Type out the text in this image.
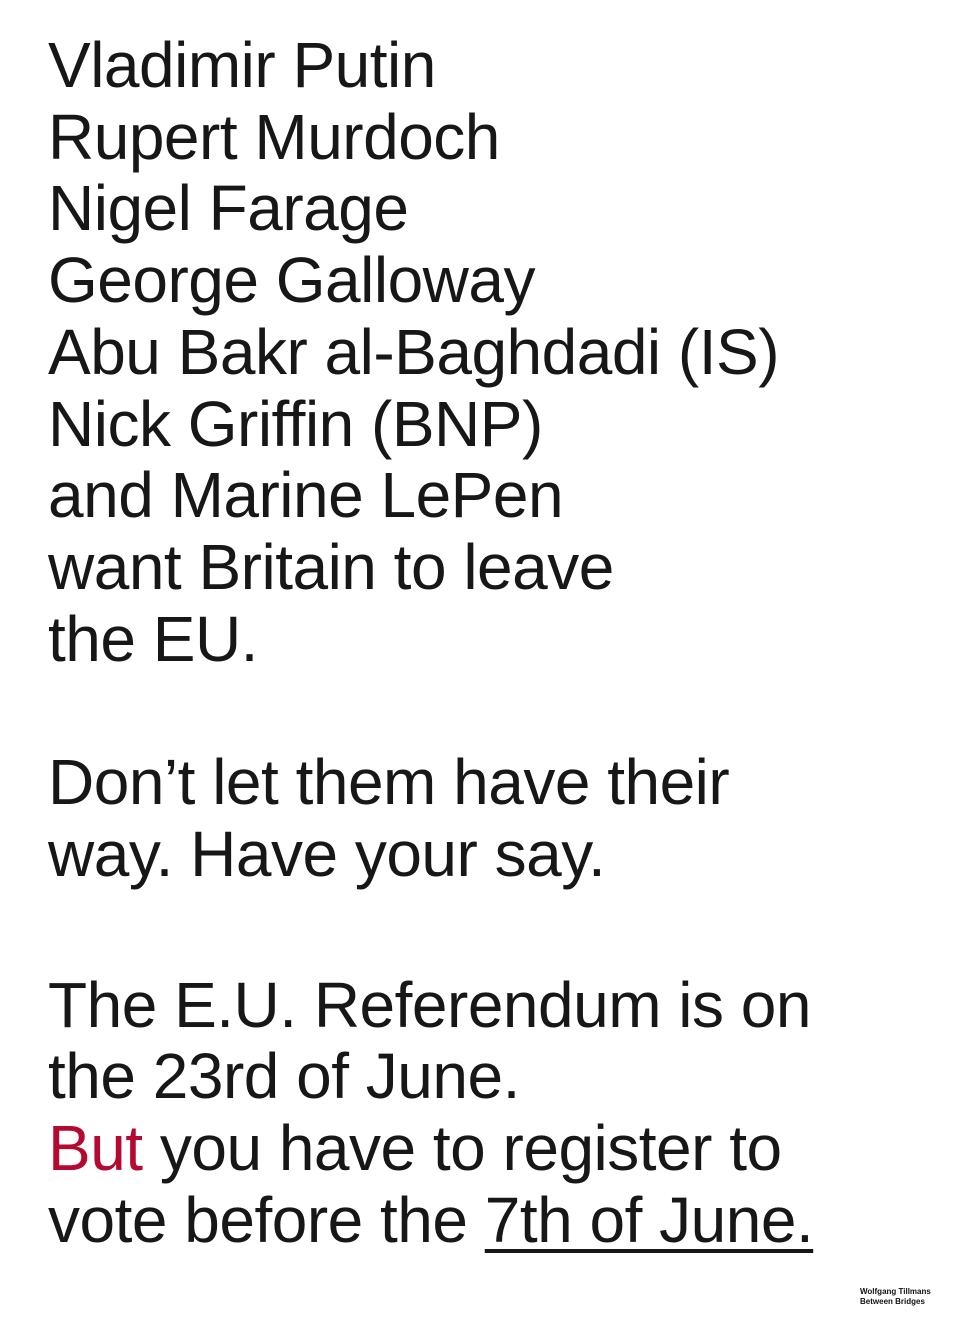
Vladimir Putin
Rupert Murdoch
Nigel Farage
George Galloway
Abu Bakr al-Baghdadi (IS)
Nick Griffin (BNP)
and Marine LePen
want Britain to leave
the EU.
Don’t let them have their
way. Have your say.
The E.U. Referendum is on
the 23rd of June.
But you have to register to
vote before the 7th of June.
Wolfgang Tillmans
Between Bridges
